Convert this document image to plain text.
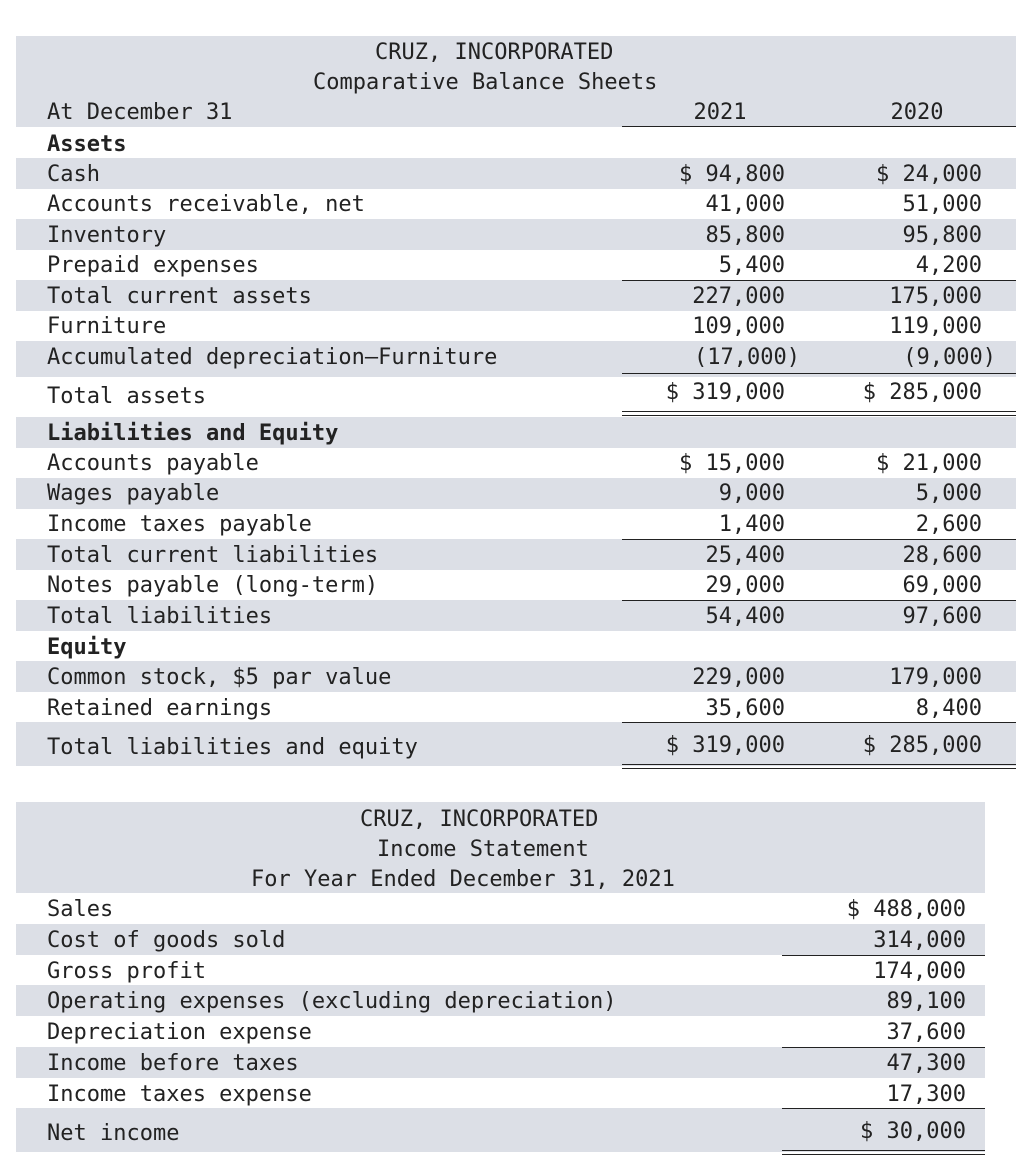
CRUZ, INCORPORATED
Comparative Balance Sheets
At December 31	2021	2020
Assets
Cash	$ 94,800	$ 24,000
Accounts receivable, net	41,000	51,000
Inventory	85,800	95,800
Prepaid expenses	5,400	4,200
Total current assets	227,000	175,000
Furniture	109,000	119,000
Accumulated depreciation—Furniture	(17,000)	(9,000)
Total assets	$ 319,000	$ 285,000
Liabilities and Equity
Accounts payable	$ 15,000	$ 21,000
Wages payable	9,000	5,000
Income taxes payable	1,400	2,600
Total current liabilities	25,400	28,600
Notes payable (long-term)	29,000	69,000
Total liabilities	54,400	97,600
Equity
Common stock, $5 par value	229,000	179,000
Retained earnings	35,600	8,400
Total liabilities and equity	$ 319,000	$ 285,000
CRUZ, INCORPORATED
Income Statement
For Year Ended December 31, 2021
Sales	$ 488,000
Cost of goods sold	314,000
Gross profit	174,000
Operating expenses (excluding depreciation)	89,100
Depreciation expense	37,600
Income before taxes	47,300
Income taxes expense	17,300
Net income	$ 30,000
